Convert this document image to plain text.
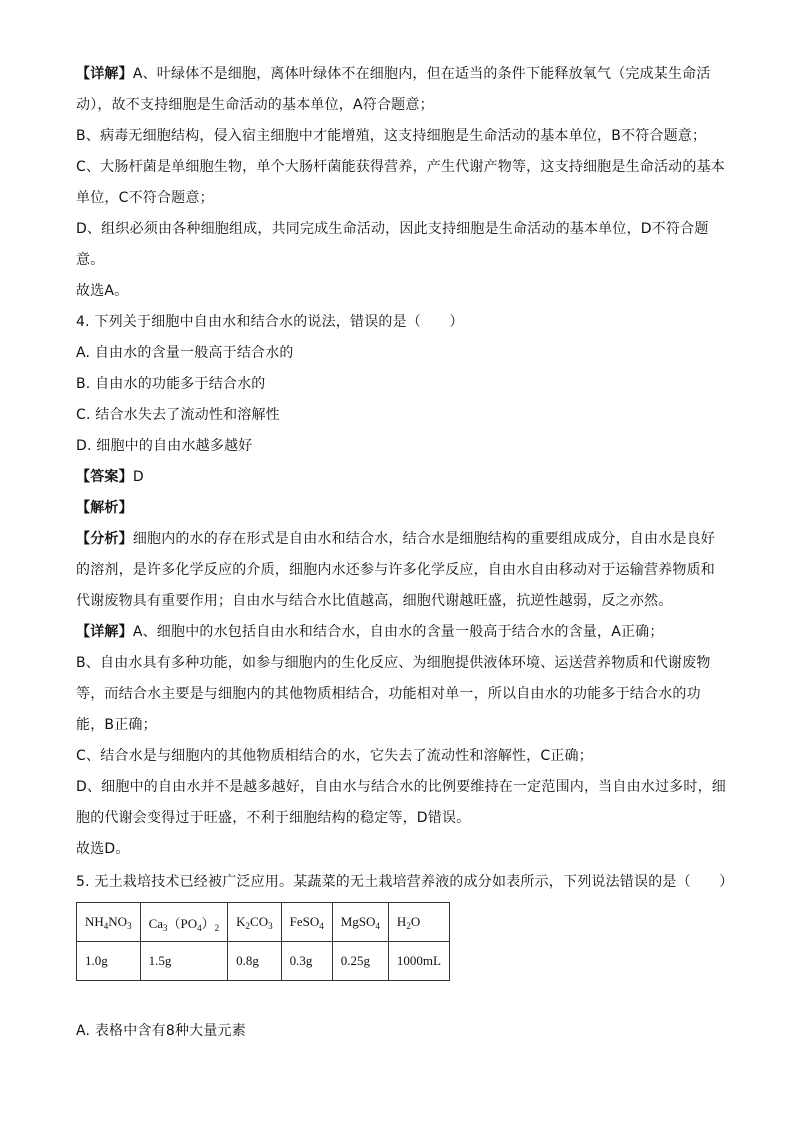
【详解】A、叶绿体不是细胞，离体叶绿体不在细胞内，但在适当的条件下能释放氧气（完成某生命活
动），故不支持细胞是生命活动的基本单位，A符合题意；
B、病毒无细胞结构，侵入宿主细胞中才能增殖，这支持细胞是生命活动的基本单位，B不符合题意；
C、大肠杆菌是单细胞生物，单个大肠杆菌能获得营养，产生代谢产物等，这支持细胞是生命活动的基本
单位，C不符合题意；
D、组织必须由各种细胞组成，共同完成生命活动，因此支持细胞是生命活动的基本单位，D不符合题
意。
故选A。
4. 下列关于细胞中自由水和结合水的说法，错误的是（　　）
A. 自由水的含量一般高于结合水的
B. 自由水的功能多于结合水的
C. 结合水失去了流动性和溶解性
D. 细胞中的自由水越多越好
【答案】D
【解析】
【分析】细胞内的水的存在形式是自由水和结合水，结合水是细胞结构的重要组成成分，自由水是良好
的溶剂，是许多化学反应的介质，细胞内水还参与许多化学反应，自由水自由移动对于运输营养物质和
代谢废物具有重要作用；自由水与结合水比值越高，细胞代谢越旺盛，抗逆性越弱，反之亦然。
【详解】A、细胞中的水包括自由水和结合水，自由水的含量一般高于结合水的含量，A正确；
B、自由水具有多种功能，如参与细胞内的生化反应、为细胞提供液体环境、运送营养物质和代谢废物
等，而结合水主要是与细胞内的其他物质相结合，功能相对单一，所以自由水的功能多于结合水的功
能，B正确；
C、结合水是与细胞内的其他物质相结合的水，它失去了流动性和溶解性，C正确；
D、细胞中的自由水并不是越多越好，自由水与结合水的比例要维持在一定范围内，当自由水过多时，细
胞的代谢会变得过于旺盛，不利于细胞结构的稳定等，D错误。
故选D。
5. 无土栽培技术已经被广泛应用。某蔬菜的无土栽培营养液的成分如表所示，下列说法错误的是（　　）
$NH_4NO_3$	$Ca_3(PO_4)_2$	$K_2CO_3$	FeSO$_4$	MgSO$_4$	$H_2O$
1.0g	1.5g	0.8g	0.3g	0.25g	1000mL
A. 表格中含有8种大量元素
